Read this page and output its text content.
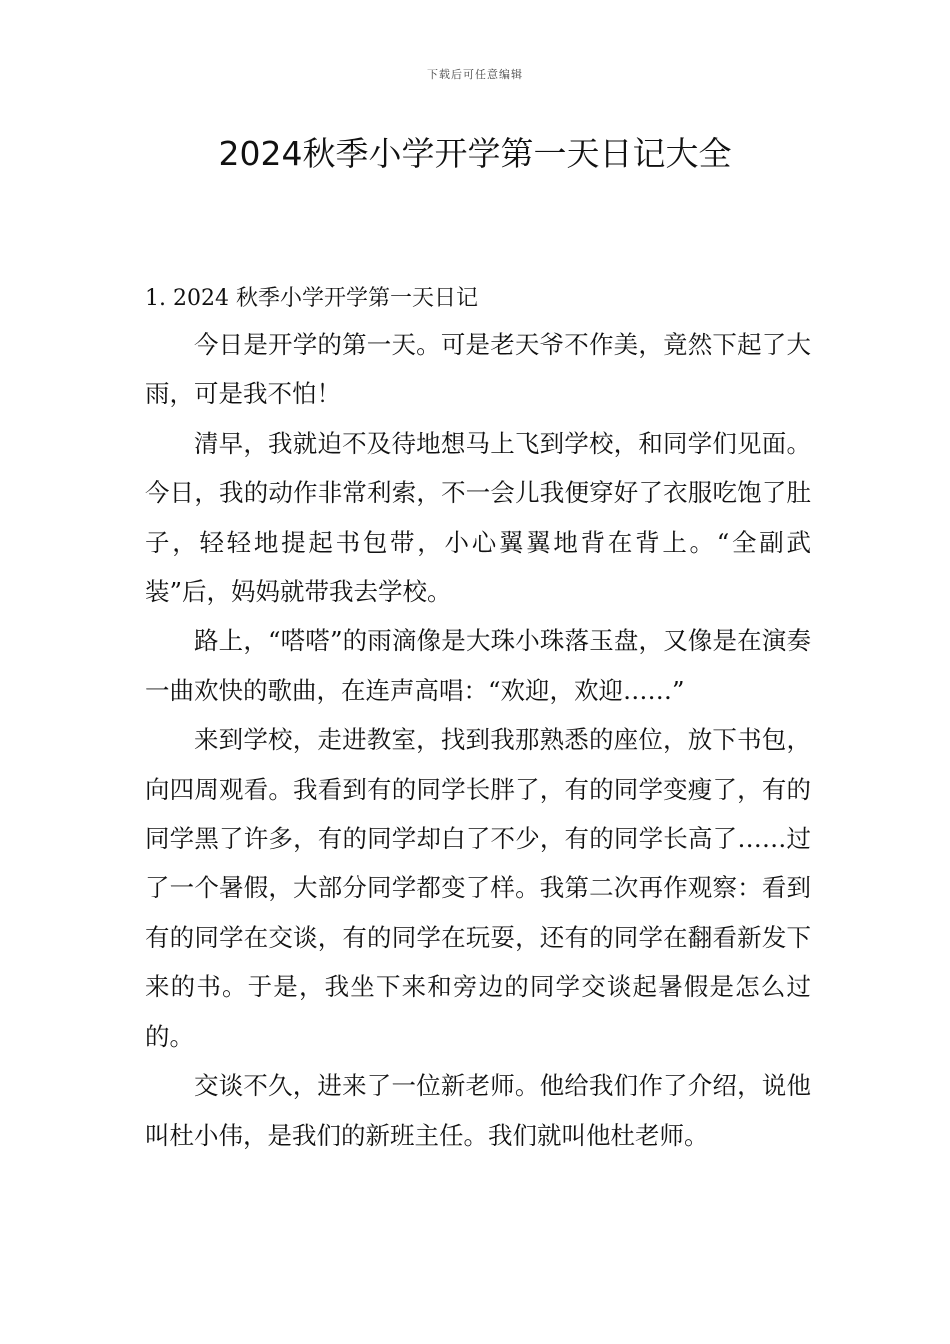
下载后可任意编辑
2024秋季小学开学第一天日记大全

1. 2024 秋季小学开学第一天日记

今日是开学的第一天。可是老天爷不作美，竟然下起了大雨，可是我不怕！

清早，我就迫不及待地想马上飞到学校，和同学们见面。今日，我的动作非常利索，不一会儿我便穿好了衣服吃饱了肚子，轻轻地提起书包带，小心翼翼地背在背上。“全副武装”后，妈妈就带我去学校。

路上，“嗒嗒”的雨滴像是大珠小珠落玉盘，又像是在演奏一曲欢快的歌曲，在连声高唱：“欢迎，欢迎……”

来到学校，走进教室，找到我那熟悉的座位，放下书包，向四周观看。我看到有的同学长胖了，有的同学变瘦了，有的同学黑了许多，有的同学却白了不少，有的同学长高了……过了一个暑假，大部分同学都变了样。我第二次再作观察：看到有的同学在交谈，有的同学在玩耍，还有的同学在翻看新发下来的书。于是，我坐下来和旁边的同学交谈起暑假是怎么过的。

交谈不久，进来了一位新老师。他给我们作了介绍，说他叫杜小伟，是我们的新班主任。我们就叫他杜老师。
